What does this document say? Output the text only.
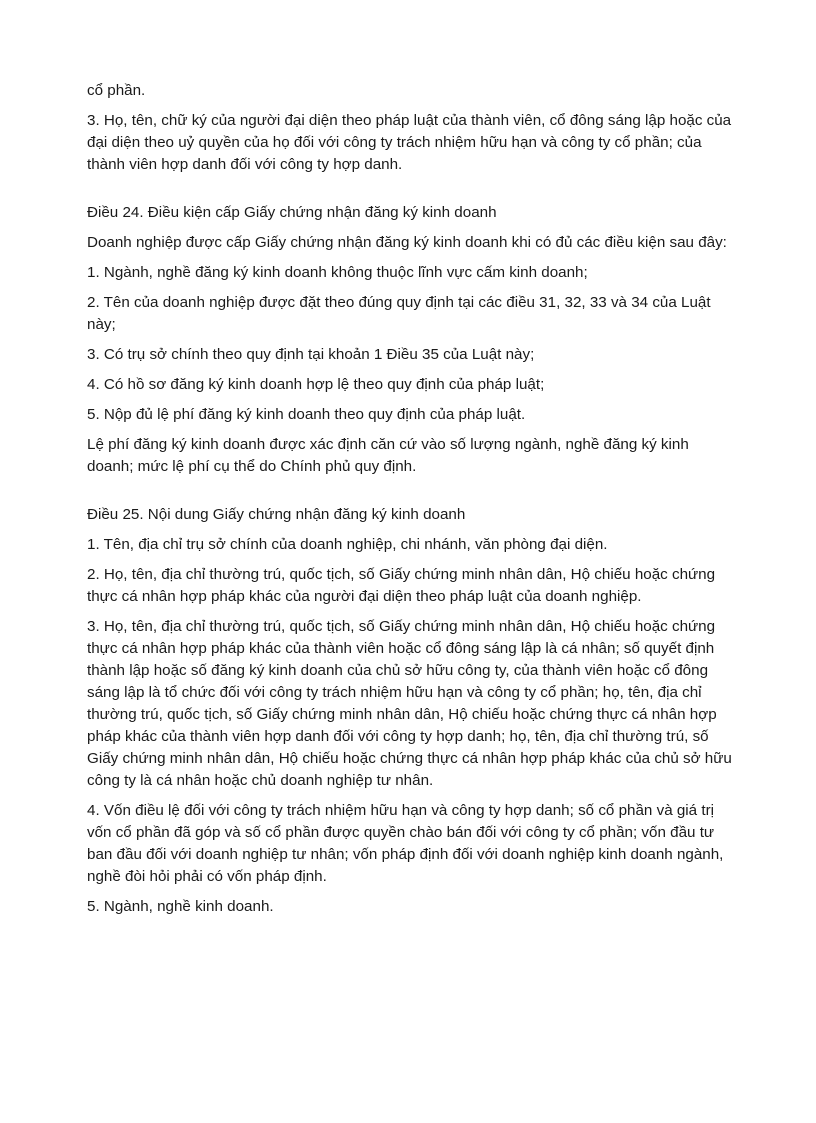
cổ phần.

3. Họ, tên, chữ ký của người đại diện theo pháp luật của thành viên, cổ đông sáng lập hoặc của đại diện theo uỷ quyền của họ đối với công ty trách nhiệm hữu hạn và công ty cổ phần; của thành viên hợp danh đối với công ty hợp danh.

Điều 24. Điều kiện cấp Giấy chứng nhận đăng ký kinh doanh

Doanh nghiệp được cấp Giấy chứng nhận đăng ký kinh doanh khi có đủ các điều kiện sau đây:

1. Ngành, nghề đăng ký kinh doanh không thuộc lĩnh vực cấm kinh doanh;

2. Tên của doanh nghiệp được đặt theo đúng quy định tại các điều 31, 32, 33 và 34 của Luật này;

3. Có trụ sở chính theo quy định tại khoản 1 Điều 35 của Luật này;

4. Có hồ sơ đăng ký kinh doanh hợp lệ theo quy định của pháp luật;

5. Nộp đủ lệ phí đăng ký kinh doanh theo quy định của pháp luật.

Lệ phí đăng ký kinh doanh được xác định căn cứ vào số lượng ngành, nghề đăng ký kinh doanh; mức lệ phí cụ thể do Chính phủ quy định.

Điều 25. Nội dung Giấy chứng nhận đăng ký kinh doanh

1. Tên, địa chỉ trụ sở chính của doanh nghiệp, chi nhánh, văn phòng đại diện.

2. Họ, tên, địa chỉ thường trú, quốc tịch, số Giấy chứng minh nhân dân, Hộ chiếu hoặc chứng thực cá nhân hợp pháp khác của người đại diện theo pháp luật của doanh nghiệp.

3. Họ, tên, địa chỉ thường trú, quốc tịch, số Giấy chứng minh nhân dân, Hộ chiếu hoặc chứng thực cá nhân hợp pháp khác của thành viên hoặc cổ đông sáng lập là cá nhân; số quyết định thành lập hoặc số đăng ký kinh doanh của chủ sở hữu công ty, của thành viên hoặc cổ đông sáng lập là tổ chức đối với công ty trách nhiệm hữu hạn và công ty cổ phần; họ, tên, địa chỉ thường trú, quốc tịch, số Giấy chứng minh nhân dân, Hộ chiếu hoặc chứng thực cá nhân hợp pháp khác của thành viên hợp danh đối với công ty hợp danh; họ, tên, địa chỉ thường trú, số Giấy chứng minh nhân dân, Hộ chiếu hoặc chứng thực cá nhân hợp pháp khác của chủ sở hữu công ty là cá nhân hoặc chủ doanh nghiệp tư nhân.

4. Vốn điều lệ đối với công ty trách nhiệm hữu hạn và công ty hợp danh; số cổ phần và giá trị vốn cổ phần đã góp và số cổ phần được quyền chào bán đối với công ty cổ phần; vốn đầu tư ban đầu đối với doanh nghiệp tư nhân; vốn pháp định đối với doanh nghiệp kinh doanh ngành, nghề đòi hỏi phải có vốn pháp định.

5. Ngành, nghề kinh doanh.
